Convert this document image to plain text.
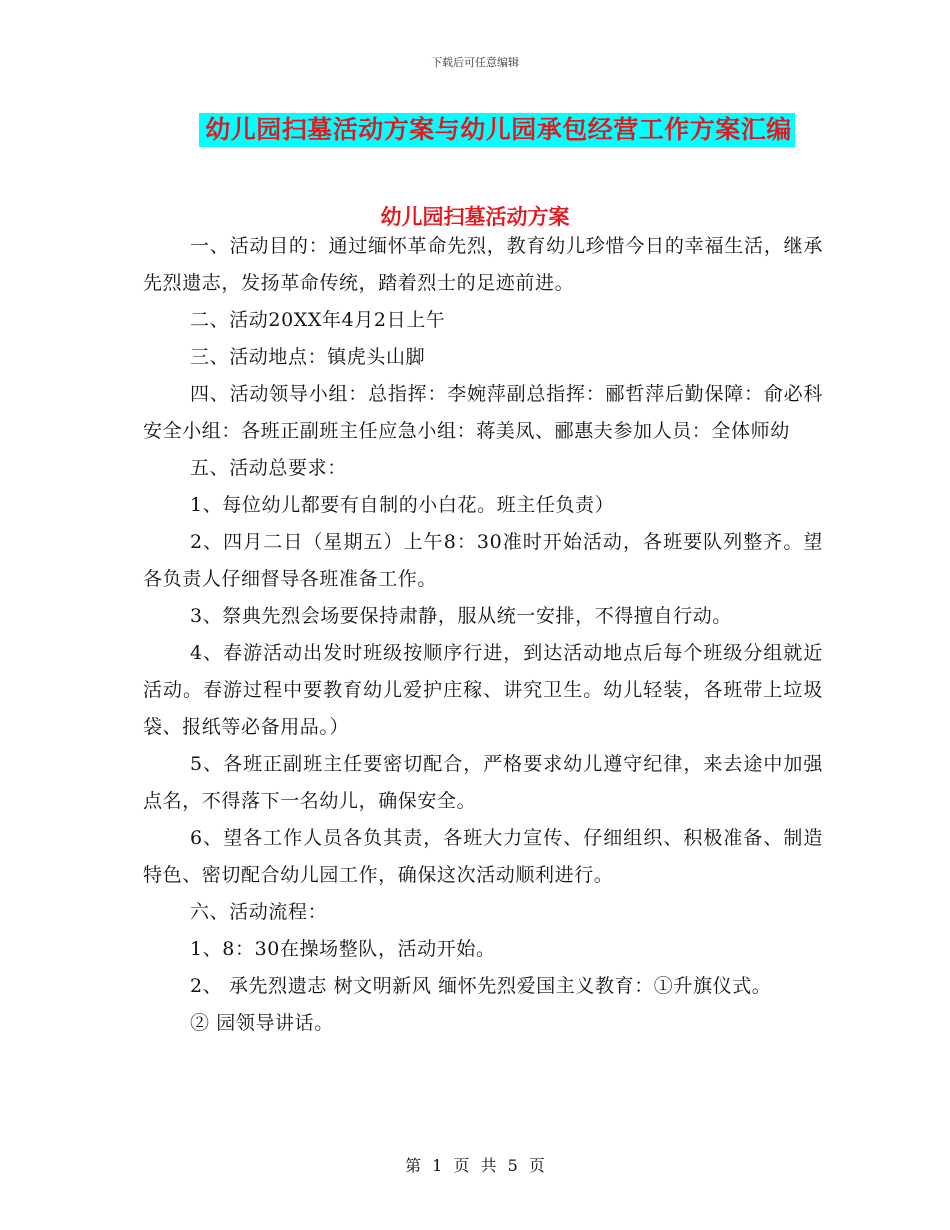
下载后可任意编辑
幼儿园扫墓活动方案与幼儿园承包经营工作方案汇编
幼儿园扫墓活动方案

一、活动目的：通过缅怀革命先烈，教育幼儿珍惜今日的幸福生活，继承先烈遗志，发扬革命传统，踏着烈士的足迹前进。

二、活动20XX年4月2日上午

三、活动地点：镇虎头山脚

四、活动领导小组：总指挥：李婉萍副总指挥：郦哲萍后勤保障：俞必科 安全小组：各班正副班主任应急小组：蒋美凤、郦惠夫参加人员：全体师幼

五、活动总要求：

1、每位幼儿都要有自制的小白花。班主任负责）

2、四月二日（星期五）上午8：30准时开始活动，各班要队列整齐。望各负责人仔细督导各班准备工作。

3、祭典先烈会场要保持肃静，服从统一安排，不得擅自行动。

4、春游活动出发时班级按顺序行进，到达活动地点后每个班级分组就近活动。春游过程中要教育幼儿爱护庄稼、讲究卫生。幼儿轻装，各班带上垃圾袋、报纸等必备用品。）

5、各班正副班主任要密切配合，严格要求幼儿遵守纪律，来去途中加强点名，不得落下一名幼儿，确保安全。

6、望各工作人员各负其责，各班大力宣传、仔细组织、积极准备、制造特色、密切配合幼儿园工作，确保这次活动顺利进行。

六、活动流程：

1、8：30在操场整队，活动开始。

2、 承先烈遗志 树文明新风 缅怀先烈爱国主义教育：①升旗仪式。

② 园领导讲话。

第 1 页 共 5 页
